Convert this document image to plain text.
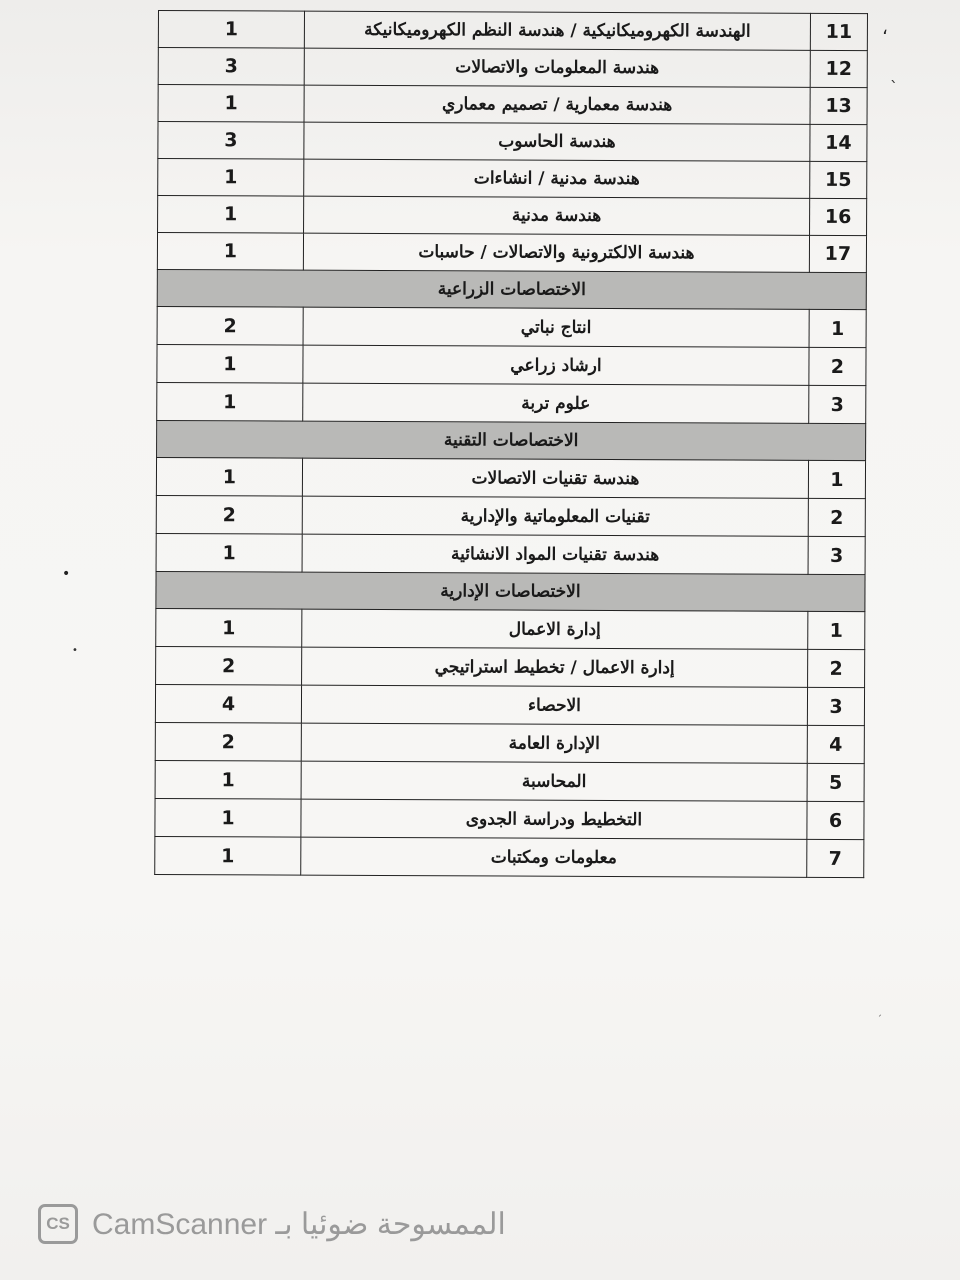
1	الهندسة الكهروميكانيكية / هندسة النظم الكهروميكانيكة	11
3	هندسة المعلومات والاتصالات	12
1	هندسة معمارية / تصميم معماري	13
3	هندسة الحاسوب	14
1	هندسة مدنية / انشاءات	15
1	هندسة مدنية	16
1	هندسة الالكترونية والاتصالات / حاسبات	17
الاختصاصات الزراعية		
2	انتاج نباتي	1
1	ارشاد زراعي	2
1	علوم تربة	3
الاختصاصات التقنية		
1	هندسة تقنيات الاتصالات	1
2	تقنيات المعلوماتية والإدارية	2
1	هندسة تقنيات المواد الانشائية	3
الاختصاصات الإدارية		
1	إدارة الاعمال	1
2	إدارة الاعمال / تخطيط استراتيجي	2
4	الاحصاء	3
2	الإدارة العامة	4
1	المحاسبة	5
1	التخطيط ودراسة الجدوى	6
1	معلومات ومكتبات	7
،
ˎ
•
•
ˏ
CS الممسوحة ضوئيا بـ CamScanner
